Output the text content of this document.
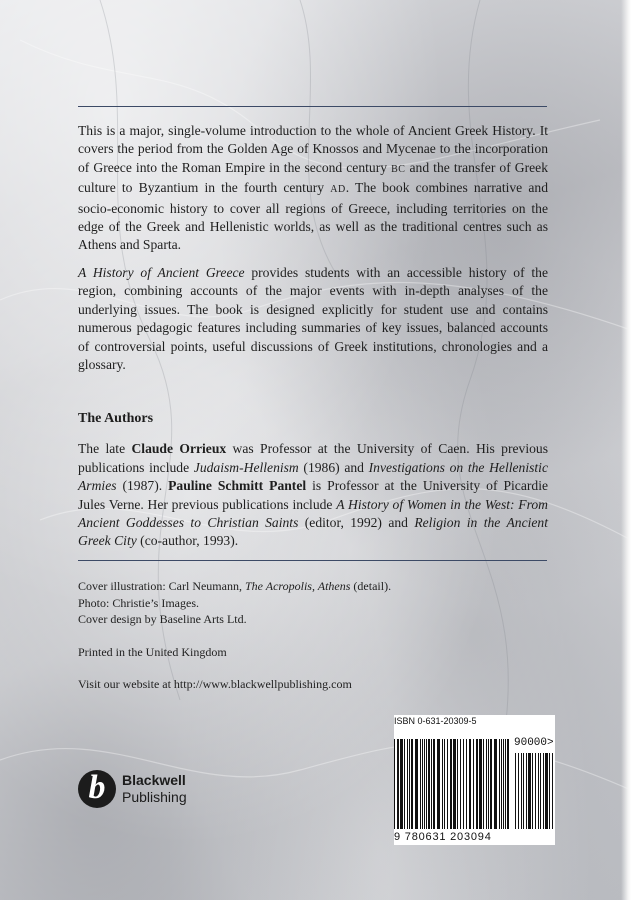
This is a major, single-volume introduction to the whole of Ancient Greek History. It covers the period from the Golden Age of Knossos and Mycenae to the incorporation of Greece into the Roman Empire in the second century BC and the transfer of Greek culture to Byzantium in the fourth century AD. The book combines narrative and socio-economic history to cover all regions of Greece, including territories on the edge of the Greek and Hellenistic worlds, as well as the traditional centres such as Athens and Sparta.

A History of Ancient Greece provides students with an accessible history of the region, combining accounts of the major events with in-depth analyses of the underlying issues. The book is designed explicitly for student use and contains numerous pedagogic features including summaries of key issues, balanced accounts of controversial points, useful discussions of Greek institutions, chronologies and a glossary.

The Authors

The late Claude Orrieux was Professor at the University of Caen. His previous publications include Judaism-Hellenism (1986) and Investigations on the Hellenistic Armies (1987). Pauline Schmitt Pantel is Professor at the University of Picardie Jules Verne. Her previous publications include A History of Women in the West: From Ancient Goddesses to Christian Saints (editor, 1992) and Religion in the Ancient Greek City (co-author, 1993).

Cover illustration: Carl Neumann, The Acropolis, Athens (detail).

Photo: Christie’s Images.

Cover design by Baseline Arts Ltd.

Printed in the United Kingdom

Visit our website at http://www.blackwellpublishing.com

b	Blackwell
Publishing
ISBN 0-631-20309-5
90000>
9 780631 203094
